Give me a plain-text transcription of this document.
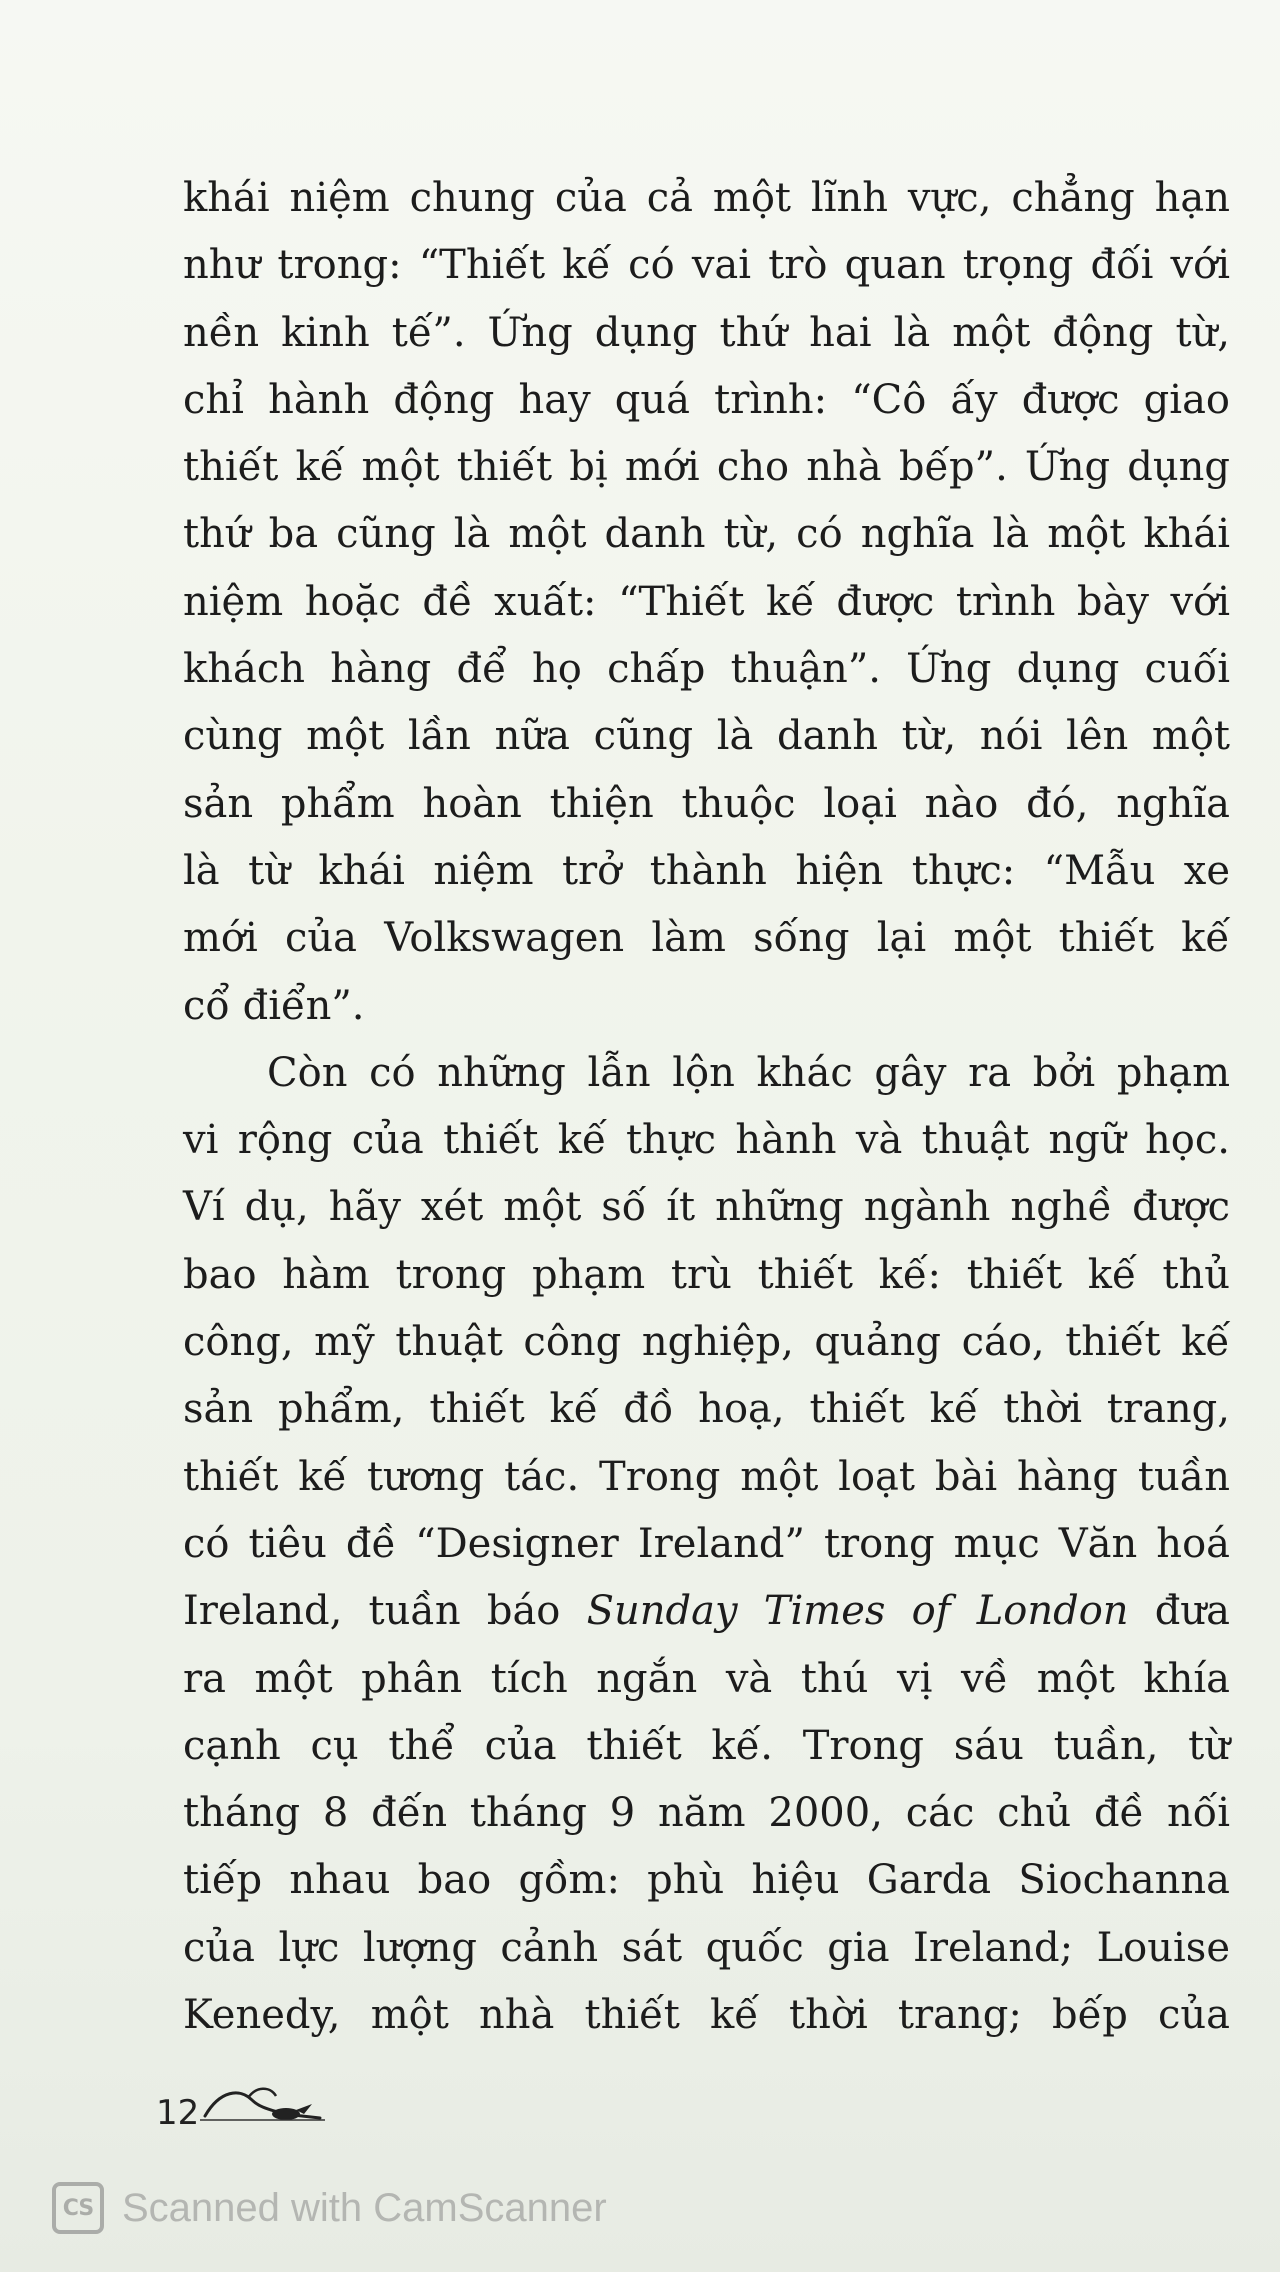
khái niệm chung của cả một lĩnh vực, chẳng hạn
như trong: “Thiết kế có vai trò quan trọng đối với
nền kinh tế”. Ứng dụng thứ hai là một động từ,
chỉ hành động hay quá trình: “Cô ấy được giao
thiết kế một thiết bị mới cho nhà bếp”. Ứng dụng
thứ ba cũng là một danh từ, có nghĩa là một khái
niệm hoặc đề xuất: “Thiết kế được trình bày với
khách hàng để họ chấp thuận”. Ứng dụng cuối
cùng một lần nữa cũng là danh từ, nói lên một
sản phẩm hoàn thiện thuộc loại nào đó, nghĩa
là từ khái niệm trở thành hiện thực: “Mẫu xe
mới của Volkswagen làm sống lại một thiết kế
cổ điển”.
Còn có những lẫn lộn khác gây ra bởi phạm
vi rộng của thiết kế thực hành và thuật ngữ học.
Ví dụ, hãy xét một số ít những ngành nghề được
bao hàm trong phạm trù thiết kế: thiết kế thủ
công, mỹ thuật công nghiệp, quảng cáo, thiết kế
sản phẩm, thiết kế đồ hoạ, thiết kế thời trang,
thiết kế tương tác. Trong một loạt bài hàng tuần
có tiêu đề “Designer Ireland” trong mục Văn hoá
Ireland, tuần báo Sunday Times of London đưa
ra một phân tích ngắn và thú vị về một khía
cạnh cụ thể của thiết kế. Trong sáu tuần, từ
tháng 8 đến tháng 9 năm 2000, các chủ đề nối
tiếp nhau bao gồm: phù hiệu Garda Siochanna
của lực lượng cảnh sát quốc gia Ireland; Louise
Kenedy, một nhà thiết kế thời trang; bếp của
12
CS Scanned with CamScanner
